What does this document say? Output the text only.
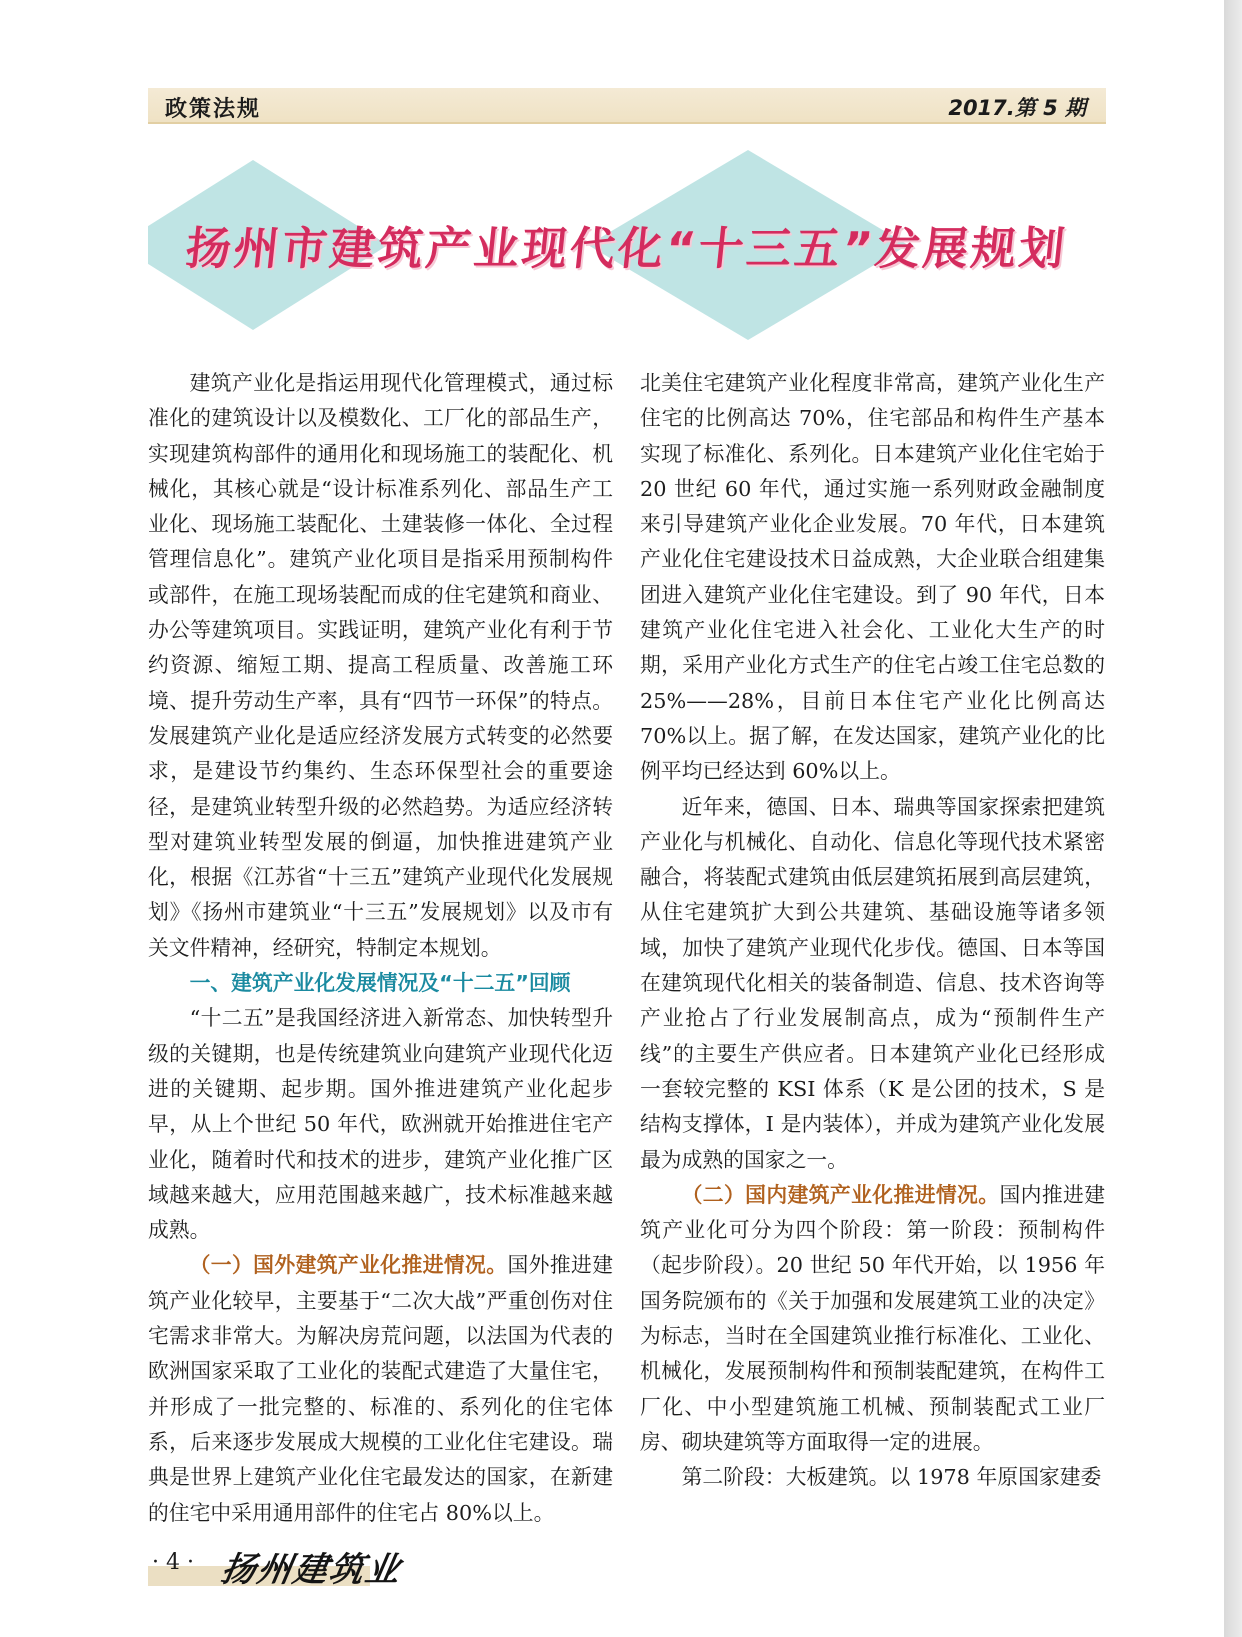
政策法规	2017.第 5 期
扬州市建筑产业现代化“十三五”发展规划

建筑产业化是指运用现代化管理模式，通过标准化的建筑设计以及模数化、工厂化的部品生产，实现建筑构部件的通用化和现场施工的装配化、机械化，其核心就是“设计标准系列化、部品生产工业化、现场施工装配化、土建装修一体化、全过程管理信息化”。建筑产业化项目是指采用预制构件或部件，在施工现场装配而成的住宅建筑和商业、办公等建筑项目。实践证明，建筑产业化有利于节约资源、缩短工期、提高工程质量、改善施工环境、提升劳动生产率，具有“四节一环保”的特点。发展建筑产业化是适应经济发展方式转变的必然要求，是建设节约集约、生态环保型社会的重要途径，是建筑业转型升级的必然趋势。为适应经济转型对建筑业转型发展的倒逼，加快推进建筑产业化，根据《江苏省“十三五”建筑产业现代化发展规划》《扬州市建筑业“十三五”发展规划》以及市有关文件精神，经研究，特制定本规划。

一、建筑产业化发展情况及“十二五”回顾

“十二五”是我国经济进入新常态、加快转型升级的关键期，也是传统建筑业向建筑产业现代化迈进的关键期、起步期。国外推进建筑产业化起步早，从上个世纪 50 年代，欧洲就开始推进住宅产业化，随着时代和技术的进步，建筑产业化推广区域越来越大，应用范围越来越广，技术标准越来越成熟。

（一）国外建筑产业化推进情况。国外推进建筑产业化较早，主要基于“二次大战”严重创伤对住宅需求非常大。为解决房荒问题，以法国为代表的欧洲国家采取了工业化的装配式建造了大量住宅，并形成了一批完整的、标准的、系列化的住宅体系，后来逐步发展成大规模的工业化住宅建设。瑞典是世界上建筑产业化住宅最发达的国家，在新建的住宅中采用通用部件的住宅占 80%以上。

北美住宅建筑产业化程度非常高，建筑产业化生产住宅的比例高达 70%，住宅部品和构件生产基本实现了标准化、系列化。日本建筑产业化住宅始于 20 世纪 60 年代，通过实施一系列财政金融制度来引导建筑产业化企业发展。70 年代，日本建筑产业化住宅建设技术日益成熟，大企业联合组建集团进入建筑产业化住宅建设。到了 90 年代，日本建筑产业化住宅进入社会化、工业化大生产的时期，采用产业化方式生产的住宅占竣工住宅总数的 25%——28%，目前日本住宅产业化比例高达 70%以上。据了解，在发达国家，建筑产业化的比例平均已经达到 60%以上。

近年来，德国、日本、瑞典等国家探索把建筑产业化与机械化、自动化、信息化等现代技术紧密融合，将装配式建筑由低层建筑拓展到高层建筑，从住宅建筑扩大到公共建筑、基础设施等诸多领域，加快了建筑产业现代化步伐。德国、日本等国在建筑现代化相关的装备制造、信息、技术咨询等产业抢占了行业发展制高点，成为“预制件生产线”的主要生产供应者。日本建筑产业化已经形成一套较完整的 KSI 体系（K 是公团的技术，S 是结构支撑体，I 是内装体），并成为建筑产业化发展最为成熟的国家之一。

（二）国内建筑产业化推进情况。国内推进建筑产业化可分为四个阶段：第一阶段：预制构件（起步阶段）。20 世纪 50 年代开始，以 1956 年国务院颁布的《关于加强和发展建筑工业的决定》为标志，当时在全国建筑业推行标准化、工业化、机械化，发展预制构件和预制装配建筑，在构件工厂化、中小型建筑施工机械、预制装配式工业厂房、砌块建筑等方面取得一定的进展。

第二阶段：大板建筑。以 1978 年原国家建委

· 4 · 扬州建筑业
